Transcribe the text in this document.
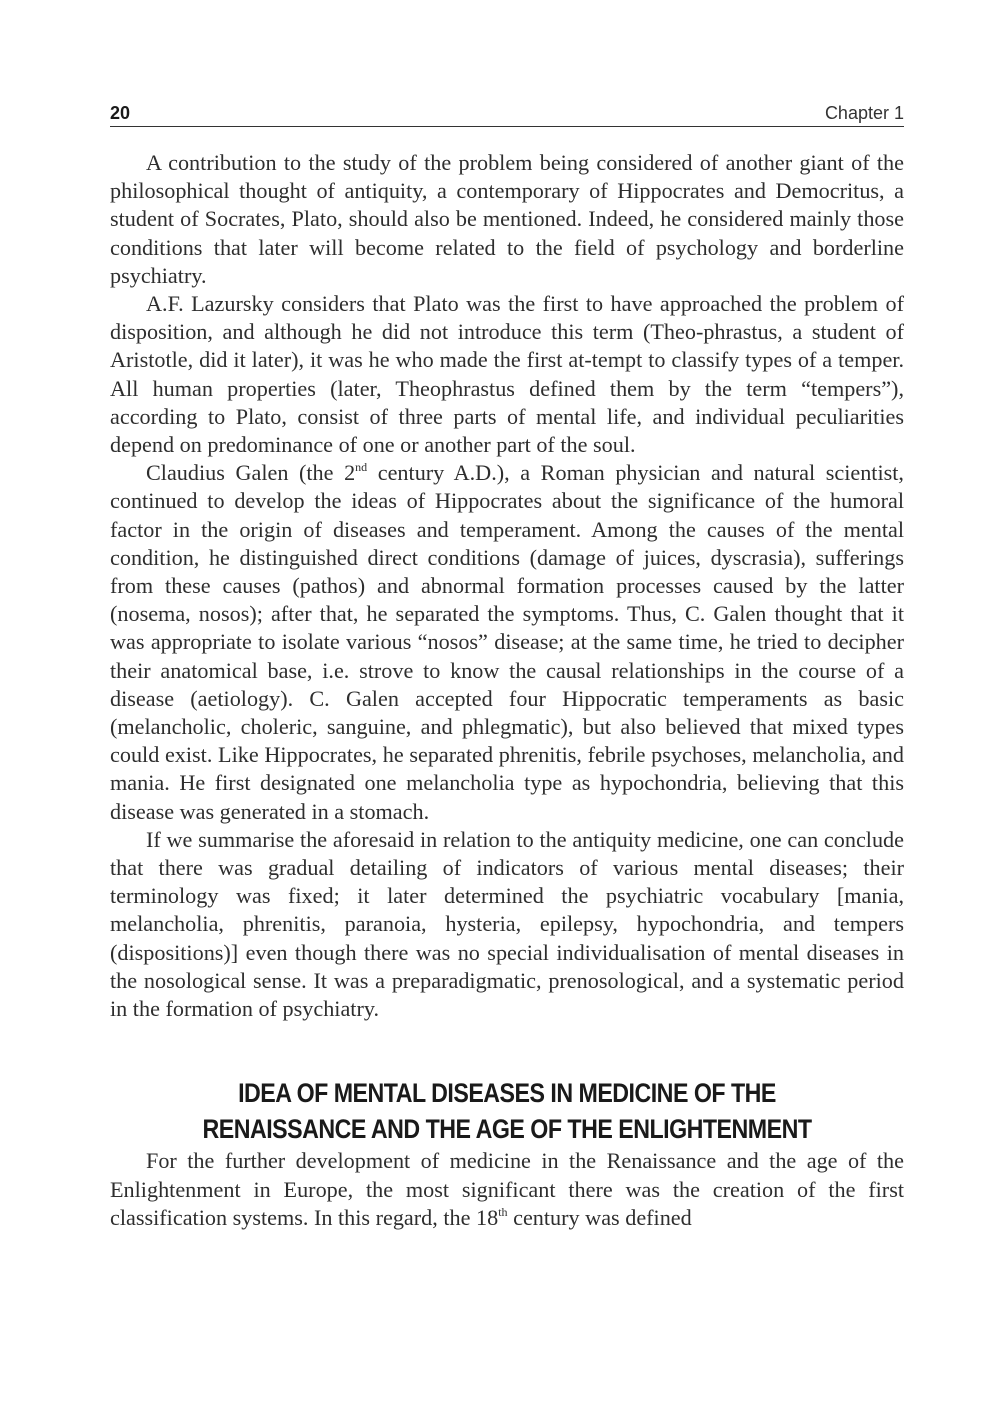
20	Chapter 1

A contribution to the study of the problem being considered of another giant of the philosophical thought of antiquity, a contemporary of Hippocrates and Democritus, a student of Socrates, Plato, should also be mentioned. Indeed, he considered mainly those conditions that later will become related to the field of psychology and borderline psychiatry.

A.F. Lazursky considers that Plato was the first to have approached the problem of disposition, and although he did not introduce this term (Theo-phrastus, a student of Aristotle, did it later), it was he who made the first at-tempt to classify types of a temper. All human properties (later, Theophrastus defined them by the term “tempers”), according to Plato, consist of three parts of mental life, and individual peculiarities depend on predominance of one or another part of the soul.

Claudius Galen (the 2nd century A.D.), a Roman physician and natural scientist, continued to develop the ideas of Hippocrates about the significance of the humoral factor in the origin of diseases and temperament. Among the causes of the mental condition, he distinguished direct conditions (damage of juices, dyscrasia), sufferings from these causes (pathos) and abnormal formation processes caused by the latter (nosema, nosos); after that, he separated the symptoms. Thus, C. Galen thought that it was appropriate to isolate various “nosos” disease; at the same time, he tried to decipher their anatomical base, i.e. strove to know the causal relationships in the course of a disease (aetiology). C. Galen accepted four Hippocratic temperaments as basic (melancholic, choleric, sanguine, and phlegmatic), but also believed that mixed types could exist. Like Hippocrates, he separated phrenitis, febrile psychoses, melancholia, and mania. He first designated one melancholia type as hypochondria, believing that this disease was generated in a stomach.

If we summarise the aforesaid in relation to the antiquity medicine, one can conclude that there was gradual detailing of indicators of various mental diseases; their terminology was fixed; it later determined the psychiatric vocabulary [mania, melancholia, phrenitis, paranoia, hysteria, epilepsy, hypochondria, and tempers (dispositions)] even though there was no special individualisation of mental diseases in the nosological sense. It was a preparadigmatic, prenosological, and a systematic period in the formation of psychiatry.

IDEA OF MENTAL DISEASES IN MEDICINE OF THE
RENAISSANCE AND THE AGE OF THE ENLIGHTENMENT

For the further development of medicine in the Renaissance and the age of the Enlightenment in Europe, the most significant there was the creation of the first classification systems. In this regard, the 18th century was defined
